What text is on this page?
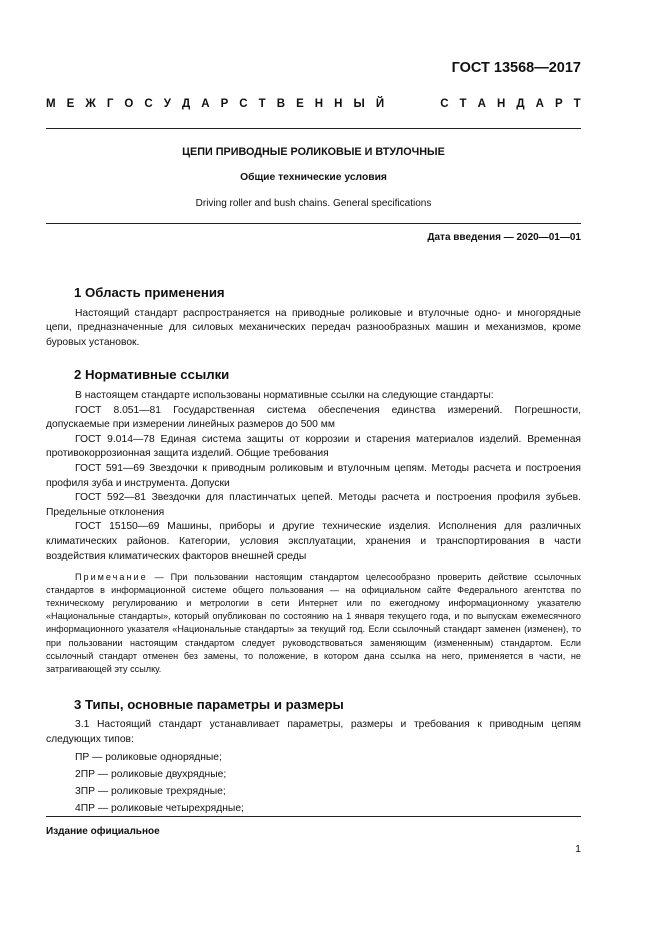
ГОСТ 13568—2017
М Е Ж Г О С У Д А Р С Т В Е Н Н Ы Й	С Т А Н Д А Р Т
ЦЕПИ ПРИВОДНЫЕ РОЛИКОВЫЕ И ВТУЛОЧНЫЕ
Общие технические условия
Driving roller and bush chains. General specifications
Дата введения — 2020—01—01
1 Область применения

Настоящий стандарт распространяется на приводные роликовые и втулочные одно- и многорядные цепи, предназначенные для силовых механических передач разнообразных машин и механизмов, кроме буровых установок.

2 Нормативные ссылки

В настоящем стандарте использованы нормативные ссылки на следующие стандарты:

ГОСТ 8.051—81 Государственная система обеспечения единства измерений. Погрешности, допускаемые при измерении линейных размеров до 500 мм

ГОСТ 9.014—78 Единая система защиты от коррозии и старения материалов изделий. Временная противокоррозионная защита изделий. Общие требования

ГОСТ 591—69 Звездочки к приводным роликовым и втулочным цепям. Методы расчета и построения профиля зуба и инструмента. Допуски

ГОСТ 592—81 Звездочки для пластинчатых цепей. Методы расчета и построения профиля зубьев. Предельные отклонения

ГОСТ 15150—69 Машины, приборы и другие технические изделия. Исполнения для различных климатических районов. Категории, условия эксплуатации, хранения и транспортирования в части воздействия климатических факторов внешней среды

Примечание — При пользовании настоящим стандартом целесообразно проверить действие ссылочных стандартов в информационной системе общего пользования — на официальном сайте Федерального агентства по техническому регулированию и метрологии в сети Интернет или по ежегодному информационному указателю «Национальные стандарты», который опубликован по состоянию на 1 января текущего года, и по выпускам ежемесячного информационного указателя «Национальные стандарты» за текущий год. Если ссылочный стандарт заменен (изменен), то при пользовании настоящим стандартом следует руководствоваться заменяющим (измененным) стандартом. Если ссылочный стандарт отменен без замены, то положение, в котором дана ссылка на него, применяется в части, не затрагивающей эту ссылку.
3 Типы, основные параметры и размеры

3.1 Настоящий стандарт устанавливает параметры, размеры и требования к приводным цепям следующих типов:

ПР — роликовые однорядные;

2ПР — роликовые двухрядные;

3ПР — роликовые трехрядные;

4ПР — роликовые четырехрядные;

Издание официальное
1
